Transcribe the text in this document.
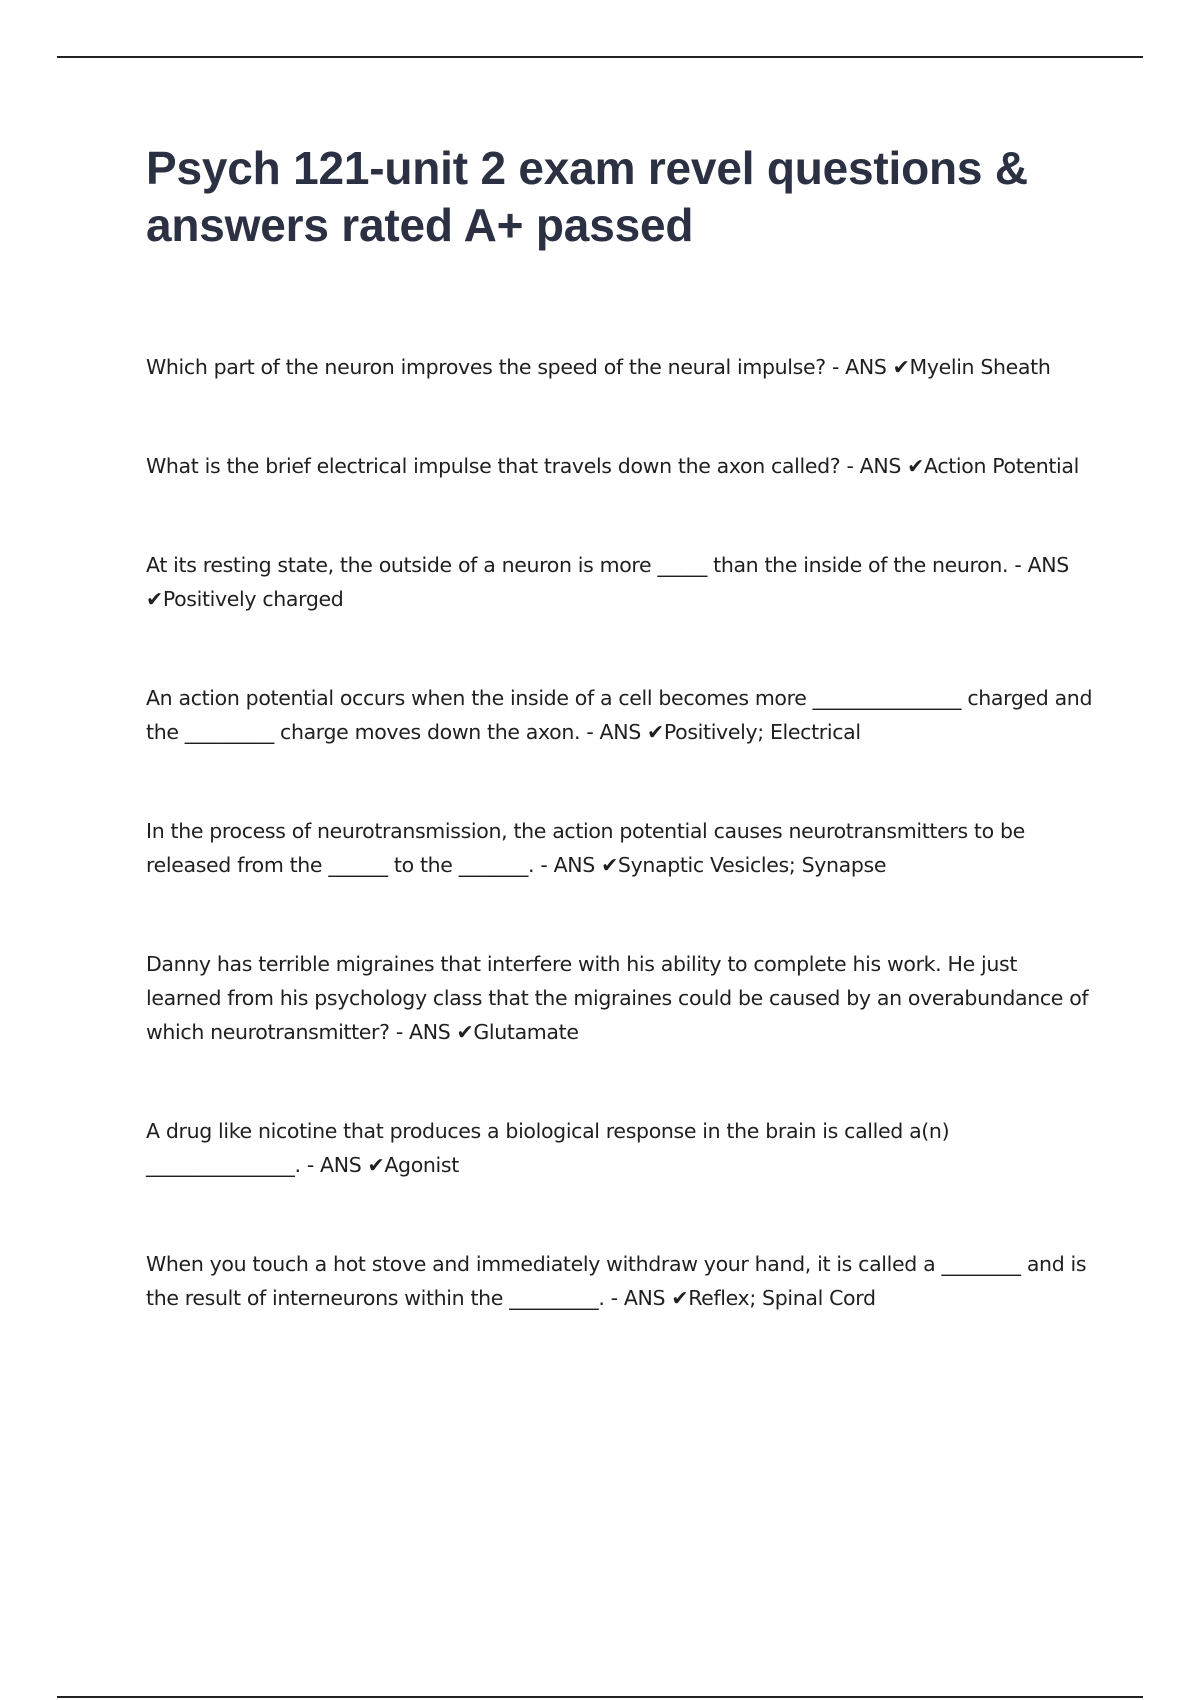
Psych 121-unit 2 exam revel questions & answers rated A+ passed

Which part of the neuron improves the speed of the neural impulse? - ANS ✔Myelin Sheath

What is the brief electrical impulse that travels down the axon called? - ANS ✔Action Potential

At its resting state, the outside of a neuron is more _____ than the inside of the neuron. - ANS ✔Positively charged

An action potential occurs when the inside of a cell becomes more _______________ charged and the _________ charge moves down the axon. - ANS ✔Positively; Electrical

In the process of neurotransmission, the action potential causes neurotransmitters to be released from the ______ to the _______. - ANS ✔Synaptic Vesicles; Synapse

Danny has terrible migraines that interfere with his ability to complete his work. He just learned from his psychology class that the migraines could be caused by an overabundance of which neurotransmitter? - ANS ✔Glutamate

A drug like nicotine that produces a biological response in the brain is called a(n) _______________. - ANS ✔Agonist

When you touch a hot stove and immediately withdraw your hand, it is called a ________ and is the result of interneurons within the _________. - ANS ✔Reflex; Spinal Cord
